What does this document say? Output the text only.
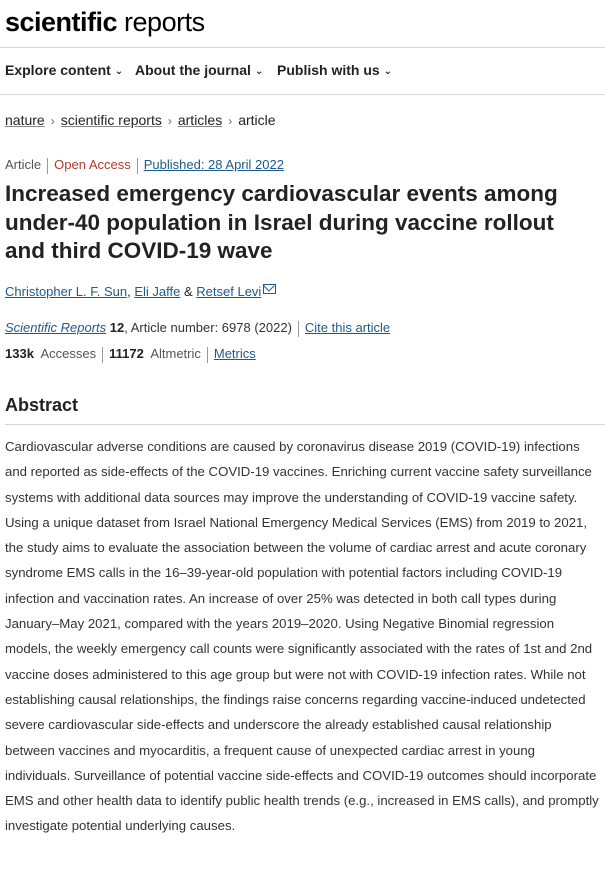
scientific reports
Explore content ⌄ About the journal ⌄ Publish with us ⌄
nature › scientific reports › articles › article
Article Open Access Published: 28 April 2022
Increased emergency cardiovascular events among under-40 population in Israel during vaccine rollout and third COVID-19 wave
Christopher L. F. Sun, Eli Jaffe & Retsef Levi
Scientific Reports 12, Article number: 6978 (2022) Cite this article
133k Accesses 11172 Altmetric Metrics
Abstract

Cardiovascular adverse conditions are caused by coronavirus disease 2019 (COVID-19) infections and reported as side-effects of the COVID-19 vaccines. Enriching current vaccine safety surveillance systems with additional data sources may improve the understanding of COVID-19 vaccine safety. Using a unique dataset from Israel National Emergency Medical Services (EMS) from 2019 to 2021, the study aims to evaluate the association between the volume of cardiac arrest and acute coronary syndrome EMS calls in the 16–39-year-old population with potential factors including COVID-19 infection and vaccination rates. An increase of over 25% was detected in both call types during January–May 2021, compared with the years 2019–2020. Using Negative Binomial regression models, the weekly emergency call counts were significantly associated with the rates of 1st and 2nd vaccine doses administered to this age group but were not with COVID-19 infection rates. While not establishing causal relationships, the findings raise concerns regarding vaccine-induced undetected severe cardiovascular side-effects and underscore the already established causal relationship between vaccines and myocarditis, a frequent cause of unexpected cardiac arrest in young individuals. Surveillance of potential vaccine side-effects and COVID-19 outcomes should incorporate EMS and other health data to identify public health trends (e.g., increased in EMS calls), and promptly investigate potential underlying causes.
